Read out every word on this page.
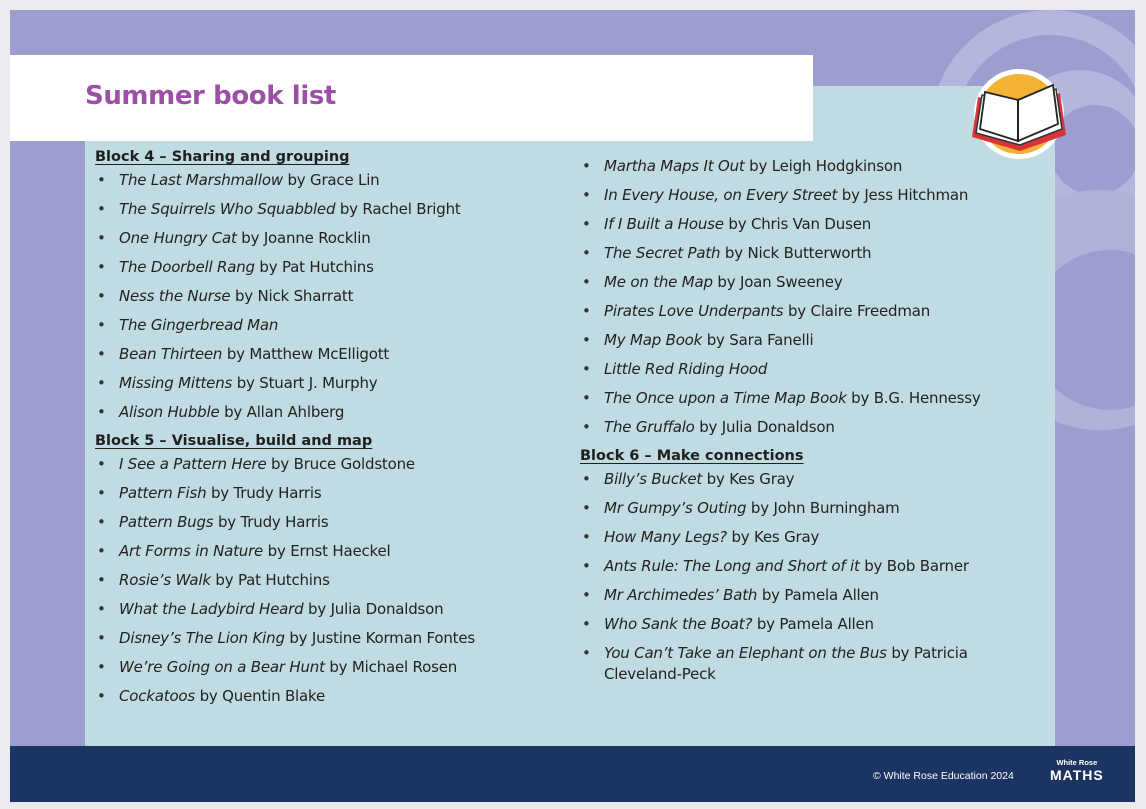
Summer book list
© White Rose Education 2024
White Rose
MATHS

Block 4 – Sharing and grouping

• The Last Marshmallow by Grace Lin
• The Squirrels Who Squabbled by Rachel Bright
• One Hungry Cat by Joanne Rocklin
• The Doorbell Rang by Pat Hutchins
• Ness the Nurse by Nick Sharratt
• The Gingerbread Man
• Bean Thirteen by Matthew McElligott
• Missing Mittens by Stuart J. Murphy
• Alison Hubble by Allan Ahlberg

Block 5 – Visualise, build and map

• I See a Pattern Here by Bruce Goldstone
• Pattern Fish by Trudy Harris
• Pattern Bugs by Trudy Harris
• Art Forms in Nature by Ernst Haeckel
• Rosie’s Walk by Pat Hutchins
• What the Ladybird Heard by Julia Donaldson
• Disney’s The Lion King by Justine Korman Fontes
• We’re Going on a Bear Hunt by Michael Rosen
• Cockatoos by Quentin Blake
• Martha Maps It Out by Leigh Hodgkinson
• In Every House, on Every Street by Jess Hitchman
• If I Built a House by Chris Van Dusen
• The Secret Path by Nick Butterworth
• Me on the Map by Joan Sweeney
• Pirates Love Underpants by Claire Freedman
• My Map Book by Sara Fanelli
• Little Red Riding Hood
• The Once upon a Time Map Book by B.G. Hennessy
• The Gruffalo by Julia Donaldson

Block 6 – Make connections

• Billy’s Bucket by Kes Gray
• Mr Gumpy’s Outing by John Burningham
• How Many Legs? by Kes Gray
• Ants Rule: The Long and Short of it by Bob Barner
• Mr Archimedes’ Bath by Pamela Allen
• Who Sank the Boat? by Pamela Allen
• You Can’t Take an Elephant on the Bus by Patricia Cleveland-Peck
